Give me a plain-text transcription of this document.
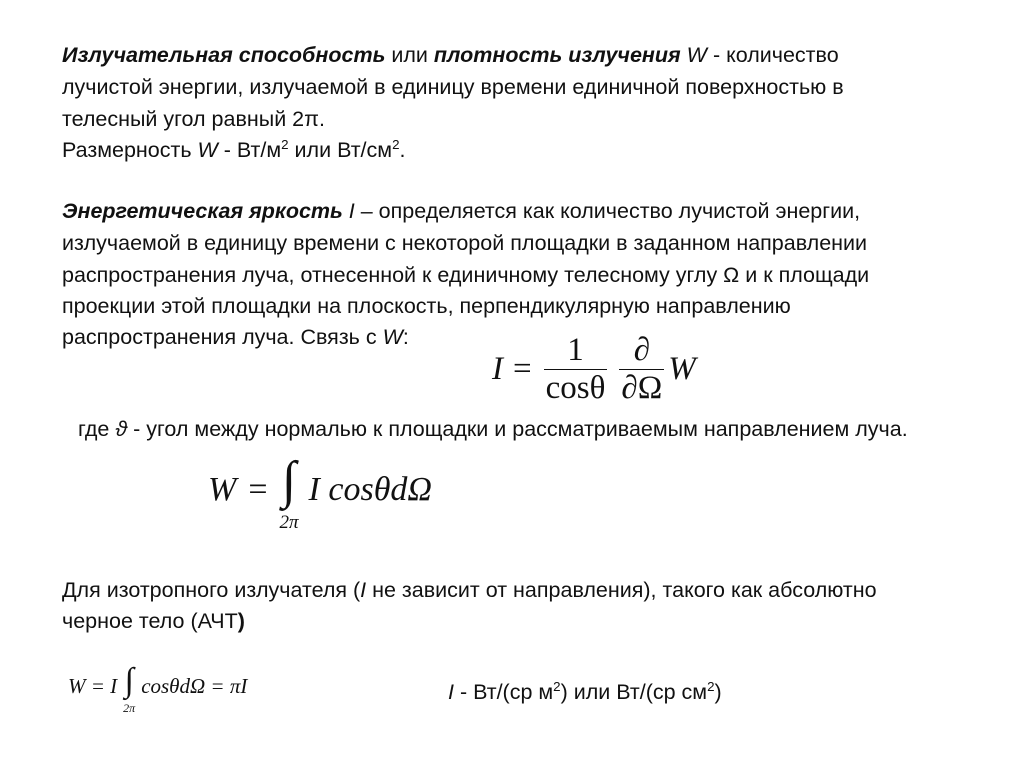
Излучательная способность или плотность излучения W - количество
лучистой энергии, излучаемой в единицу времени единичной поверхностью в
телесный угол равный 2π.
Размерность W - $Вт/м^2$ или $Вт/см^2$.
Энергетическая яркость I – определяется как количество лучистой энергии,
излучаемой в единицу времени с некоторой площадки в заданном направлении
распространения луча, отнесенной к единичному телесному углу Ω и к площади
проекции этой площадки на плоскость, перпендикулярную направлению
распространения луча. Связь с W:
$I = \frac{1}{\cos\theta} \frac{\partial}{\partial\Omega}$ W
где ϑ - угол между нормалью к площадки и рассматриваемым направлением луча.
W = ∫
2π
I cosθdΩ
Для изотропного излучателя (I не зависит от направления), такого как абсолютно
черное тело (АЧТ)
W = I ∫
2π
cosθdΩ = πI	I - Вт/(ср $м^2$) или Вт/(ср $см^2$)
